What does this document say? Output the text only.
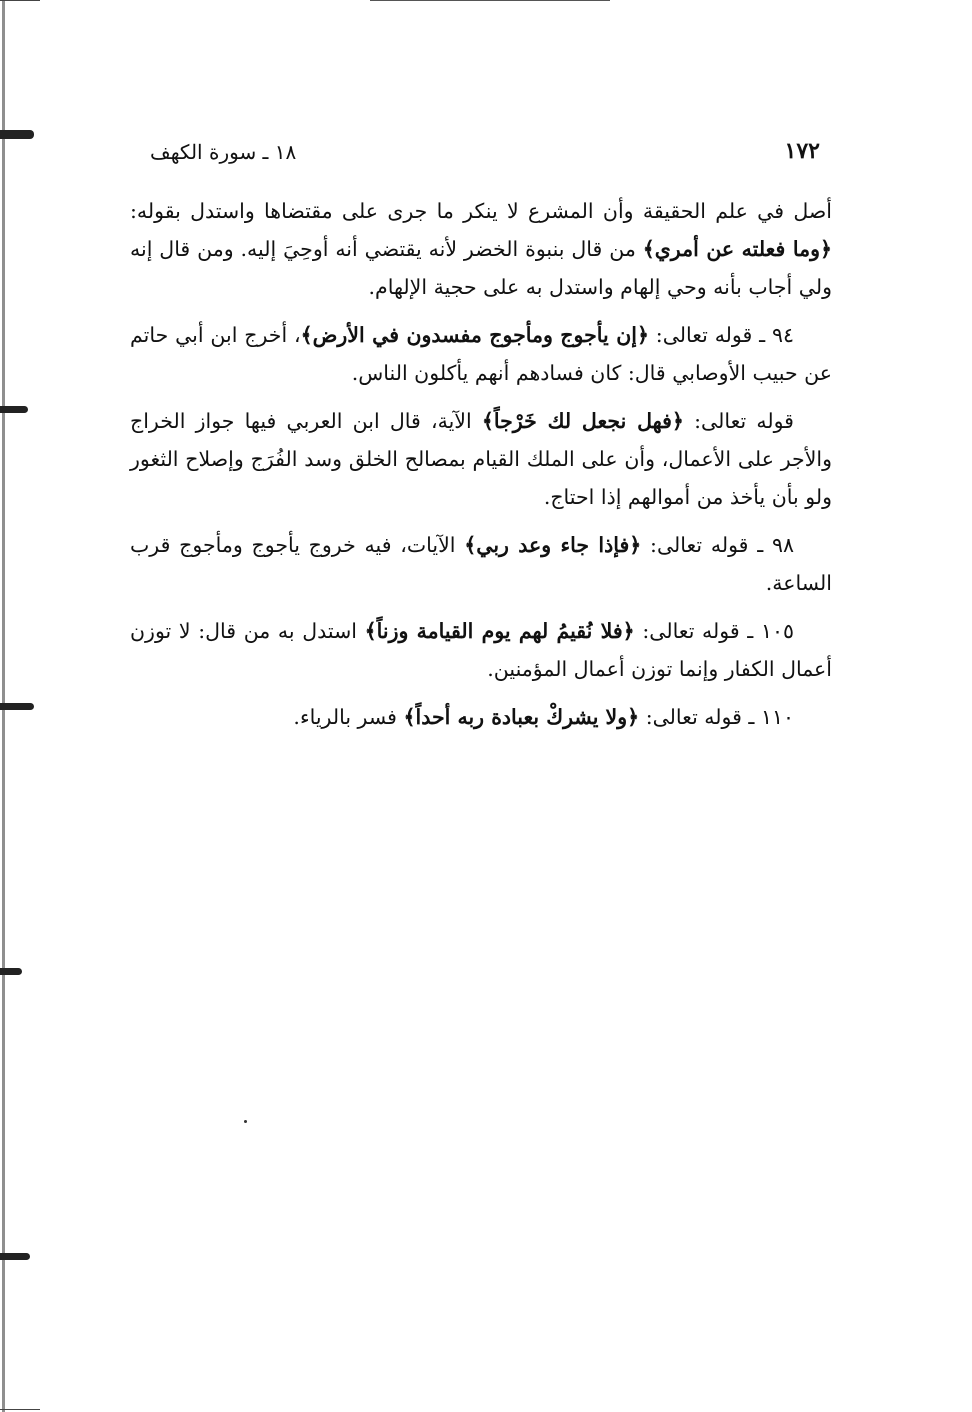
١٧٢
١٨ ـ سورة الكهف

أصل في علم الحقيقة وأن المشرع لا ينكر ما جرى على مقتضاها واستدل بقوله: ﴿وما فعلته عن أمري﴾ من قال بنبوة الخضر لأنه يقتضي أنه أوحِيَ إليه. ومن قال إنه ولي أجاب بأنه وحي إلهام واستدل به على حجية الإلهام.

٩٤ ـ قوله تعالى: ﴿إن يأجوج ومأجوج مفسدون في الأرض﴾، أخرج ابن أبي حاتم عن حبيب الأوصابي قال: كان فسادهم أنهم يأكلون الناس.

قوله تعالى: ﴿فهل نجعل لك خَرْجاً﴾ الآية، قال ابن العربي فيها جواز الخراج والأجر على الأعمال، وأن على الملك القيام بمصالح الخلق وسد الفُرَج وإصلاح الثغور ولو بأن يأخذ من أموالهم إذا احتاج.

٩٨ ـ قوله تعالى: ﴿فإذا جاء وعد ربي﴾ الآيات، فيه خروج يأجوج ومأجوج قرب الساعة.

١٠٥ ـ قوله تعالى: ﴿فلا نُقيمُ لهم يوم القيامة وزناً﴾ استدل به من قال: لا توزن أعمال الكفار وإنما توزن أعمال المؤمنين.

١١٠ ـ قوله تعالى: ﴿ولا يشركْ بعبادة ربه أحداً﴾ فسر بالرياء.
